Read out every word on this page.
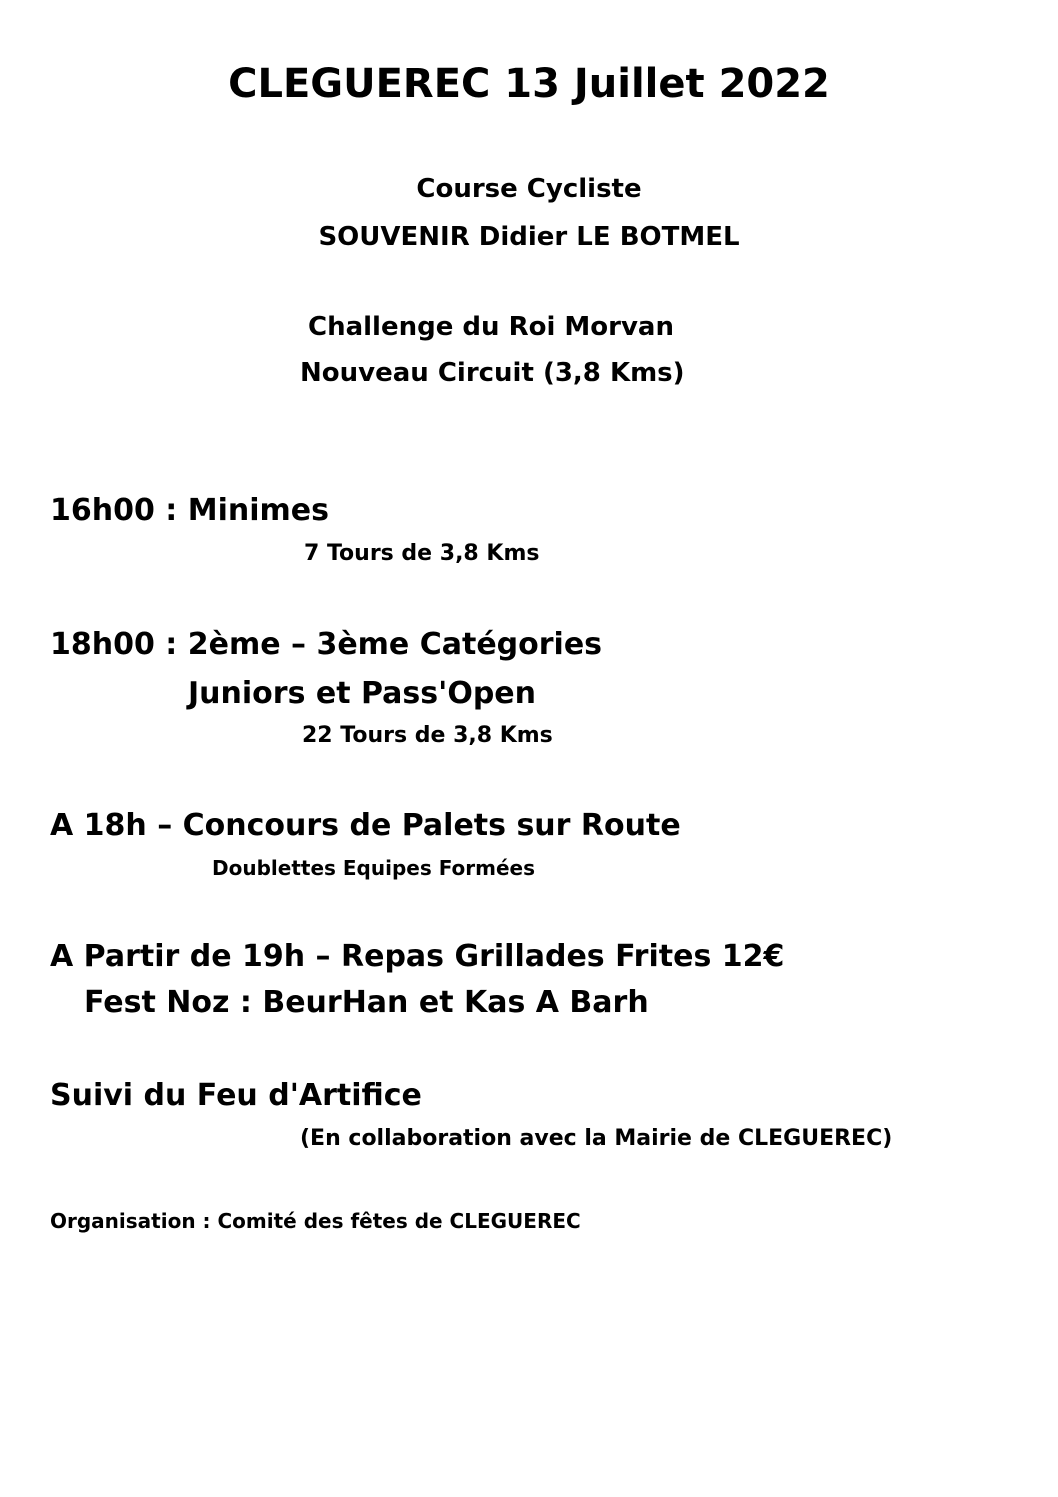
CLEGUEREC 13 Juillet 2022
Course Cycliste
SOUVENIR Didier LE BOTMEL
Challenge du Roi Morvan
Nouveau Circuit (3,8 Kms)
16h00 : Minimes
7 Tours de 3,8 Kms
18h00 : 2ème – 3ème Catégories
Juniors et Pass'Open
22 Tours de 3,8 Kms
A 18h – Concours de Palets sur Route
Doublettes Equipes Formées
A Partir de 19h – Repas Grillades Frites 12€
Fest Noz : BeurHan et Kas A Barh
Suivi du Feu d'Artifice
(En collaboration avec la Mairie de CLEGUEREC)
Organisation : Comité des fêtes de CLEGUEREC
